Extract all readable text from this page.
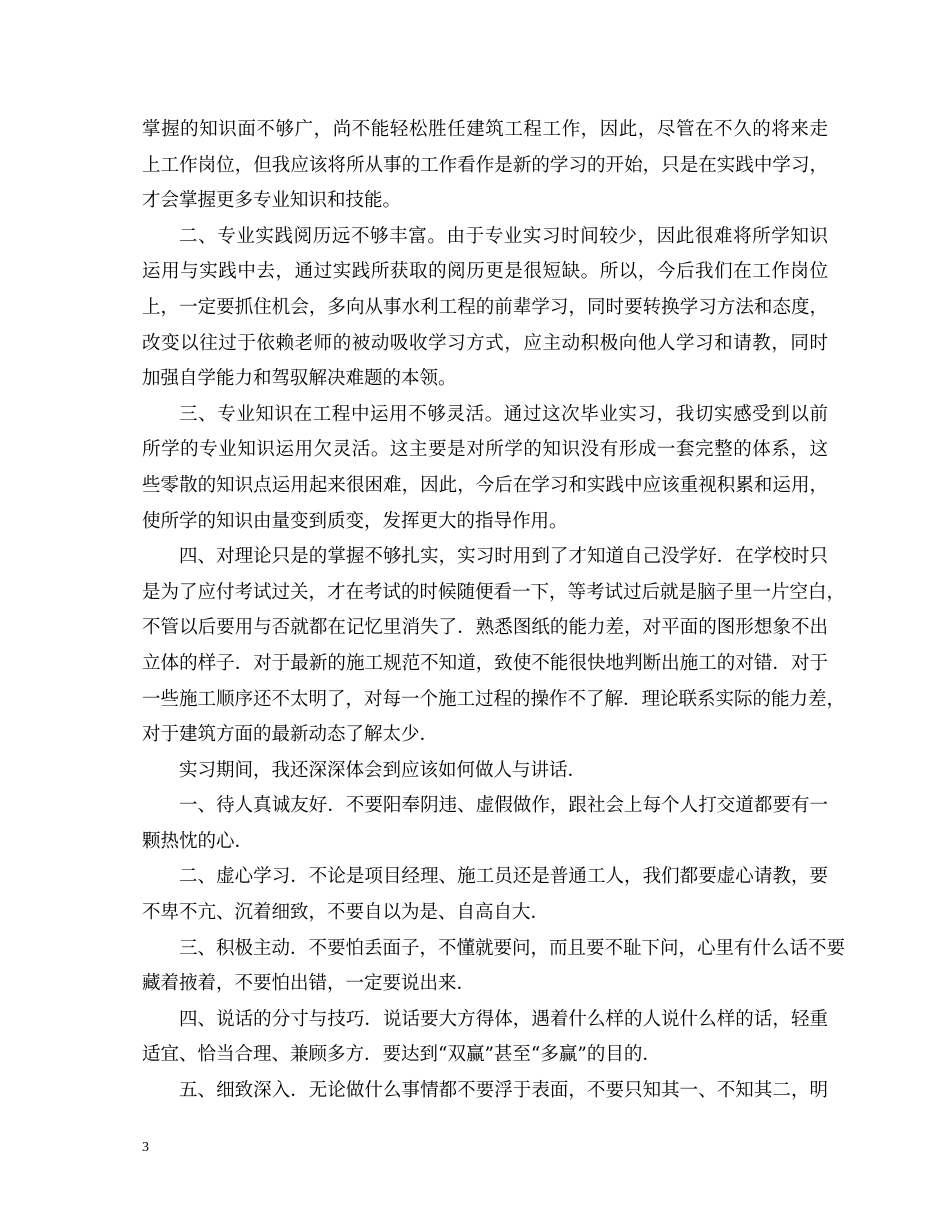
掌握的知识面不够广，尚不能轻松胜任建筑工程工作，因此，尽管在不久的将来走
上工作岗位，但我应该将所从事的工作看作是新的学习的开始，只是在实践中学习，
才会掌握更多专业知识和技能。
二、专业实践阅历远不够丰富。由于专业实习时间较少，因此很难将所学知识
运用与实践中去，通过实践所获取的阅历更是很短缺。所以，今后我们在工作岗位
上，一定要抓住机会，多向从事水利工程的前辈学习，同时要转换学习方法和态度，
改变以往过于依赖老师的被动吸收学习方式，应主动积极向他人学习和请教，同时
加强自学能力和驾驭解决难题的本领。
三、专业知识在工程中运用不够灵活。通过这次毕业实习，我切实感受到以前
所学的专业知识运用欠灵活。这主要是对所学的知识没有形成一套完整的体系，这
些零散的知识点运用起来很困难，因此，今后在学习和实践中应该重视积累和运用，
使所学的知识由量变到质变，发挥更大的指导作用。
四、对理论只是的掌握不够扎实，实习时用到了才知道自己没学好．在学校时只
是为了应付考试过关，才在考试的时候随便看一下，等考试过后就是脑子里一片空白，
不管以后要用与否就都在记忆里消失了．熟悉图纸的能力差，对平面的图形想象不出
立体的样子．对于最新的施工规范不知道，致使不能很快地判断出施工的对错．对于
一些施工顺序还不太明了，对每一个施工过程的操作不了解．理论联系实际的能力差，
对于建筑方面的最新动态了解太少．
实习期间，我还深深体会到应该如何做人与讲话．
一、待人真诚友好．不要阳奉阴违、虚假做作，跟社会上每个人打交道都要有一
颗热忱的心．
二、虚心学习．不论是项目经理、施工员还是普通工人，我们都要虚心请教，要
不卑不亢、沉着细致，不要自以为是、自高自大．
三、积极主动．不要怕丢面子，不懂就要问，而且要不耻下问，心里有什么话不要
藏着掖着，不要怕出错，一定要说出来．
四、说话的分寸与技巧．说话要大方得体，遇着什么样的人说什么样的话，轻重
适宜、恰当合理、兼顾多方．要达到“双赢”甚至“多赢”的目的．
五、细致深入．无论做什么事情都不要浮于表面，不要只知其一、不知其二，明
3
